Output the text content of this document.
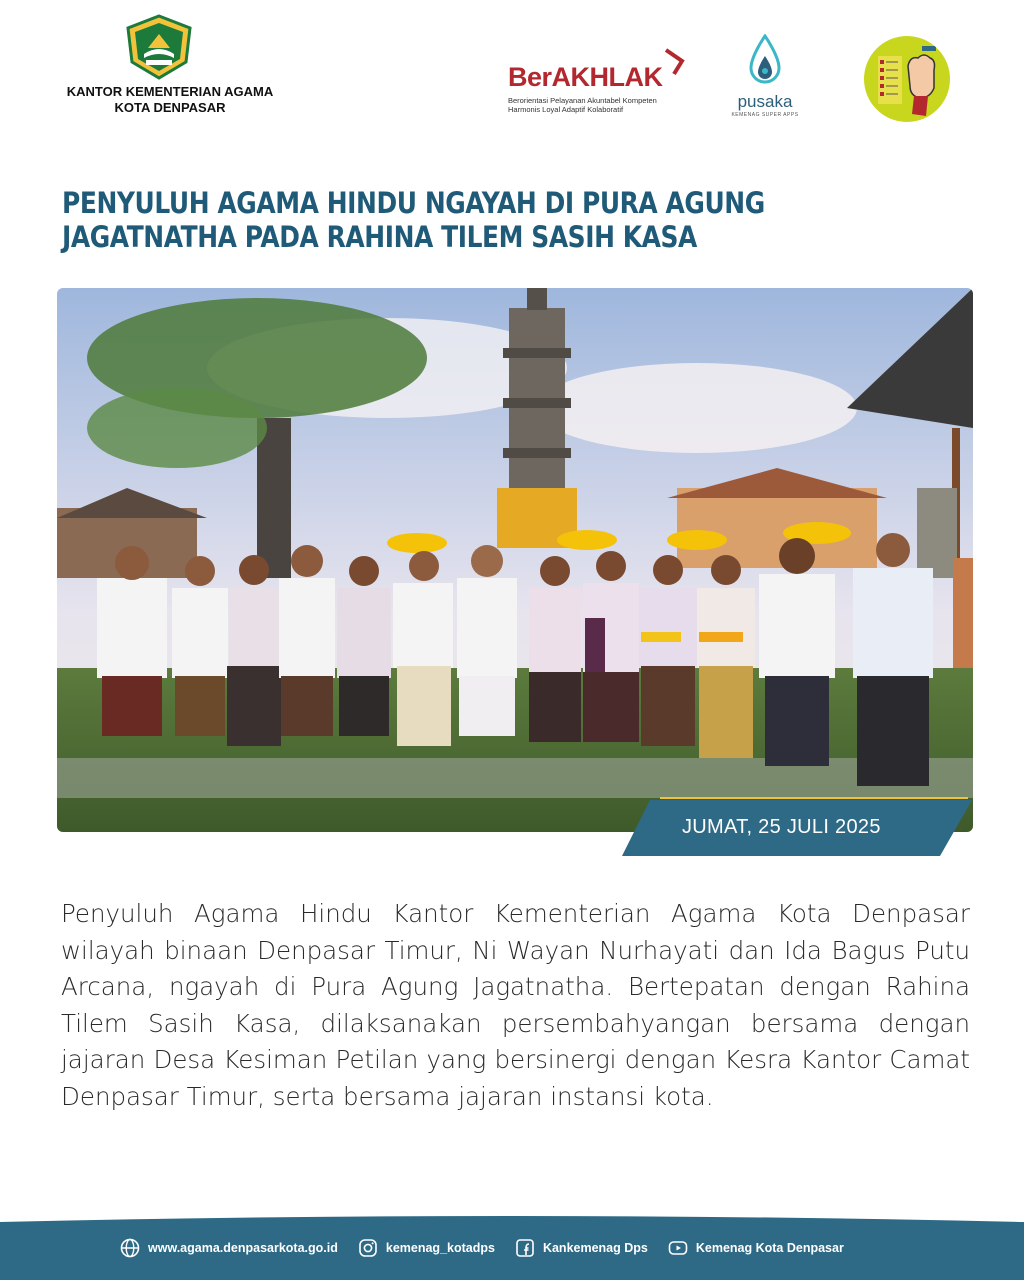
KANTOR KEMENTERIAN AGAMA
KOTA DENPASAR
BerAKHLAK
Berorientasi Pelayanan Akuntabel Kompeten
Harmonis Loyal Adaptif Kolaboratif	pusaka
KEMENAG SUPER APPS
PENYULUH AGAMA HINDU NGAYAH DI PURA AGUNG
JAGATNATHA PADA RAHINA TILEM SASIH KASA
JUMAT, 25 JULI 2025

Penyuluh Agama Hindu Kantor Kementerian Agama Kota Denpasar wilayah binaan Denpasar Timur, Ni Wayan Nurhayati dan Ida Bagus Putu Arcana, ngayah di Pura Agung Jagatnatha. Bertepatan dengan Rahina Tilem Sasih Kasa, dilaksanakan persembahyangan bersama dengan jajaran Desa Kesiman Petilan yang bersinergi dengan Kesra Kantor Camat Denpasar Timur, serta bersama jajaran instansi kota.

www.agama.denpasarkota.go.id	kemenag_kotadps	Kankemenag Dps	Kemenag Kota Denpasar
